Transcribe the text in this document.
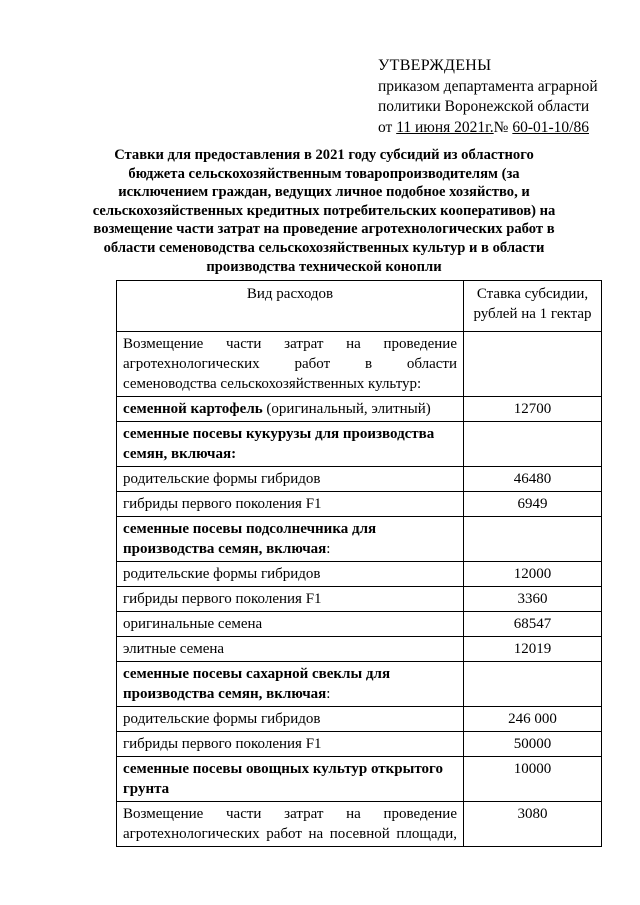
УТВЕРЖДЕНЫ
приказом департамента аграрной
политики Воронежской области
от 11 июня 2021г.№ 60-01-10/86
Ставки для предоставления в 2021 году субсидий из областного бюджета сельскохозяйственным товаропроизводителям (за исключением граждан, ведущих личное подобное хозяйство, и сельскохозяйственных кредитных потребительских кооперативов) на возмещение части затрат на проведение агротехнологических работ в области семеноводства сельскохозяйственных культур и в области производства технической конопли
Вид расходов	Ставка субсидии, рублей на 1 гектар
Возмещение части затрат на проведение агротехнологических работ в области семеноводства сельскохозяйственных культур:	
семенной картофель (оригинальный, элитный)	12700
семенные посевы кукурузы для производства семян, включая:	
родительские формы гибридов	46480
гибриды первого поколения F1	6949
семенные посевы подсолнечника для производства семян, включая:	
родительские формы гибридов	12000
гибриды первого поколения F1	3360
оригинальные семена	68547
элитные семена	12019
семенные посевы сахарной свеклы для производства семян, включая:	
родительские формы гибридов	246 000
гибриды первого поколения F1	50000
семенные посевы овощных культур открытого грунта	10000
Возмещение части затрат на проведение агротехнологических работ на посевной площади,	3080
